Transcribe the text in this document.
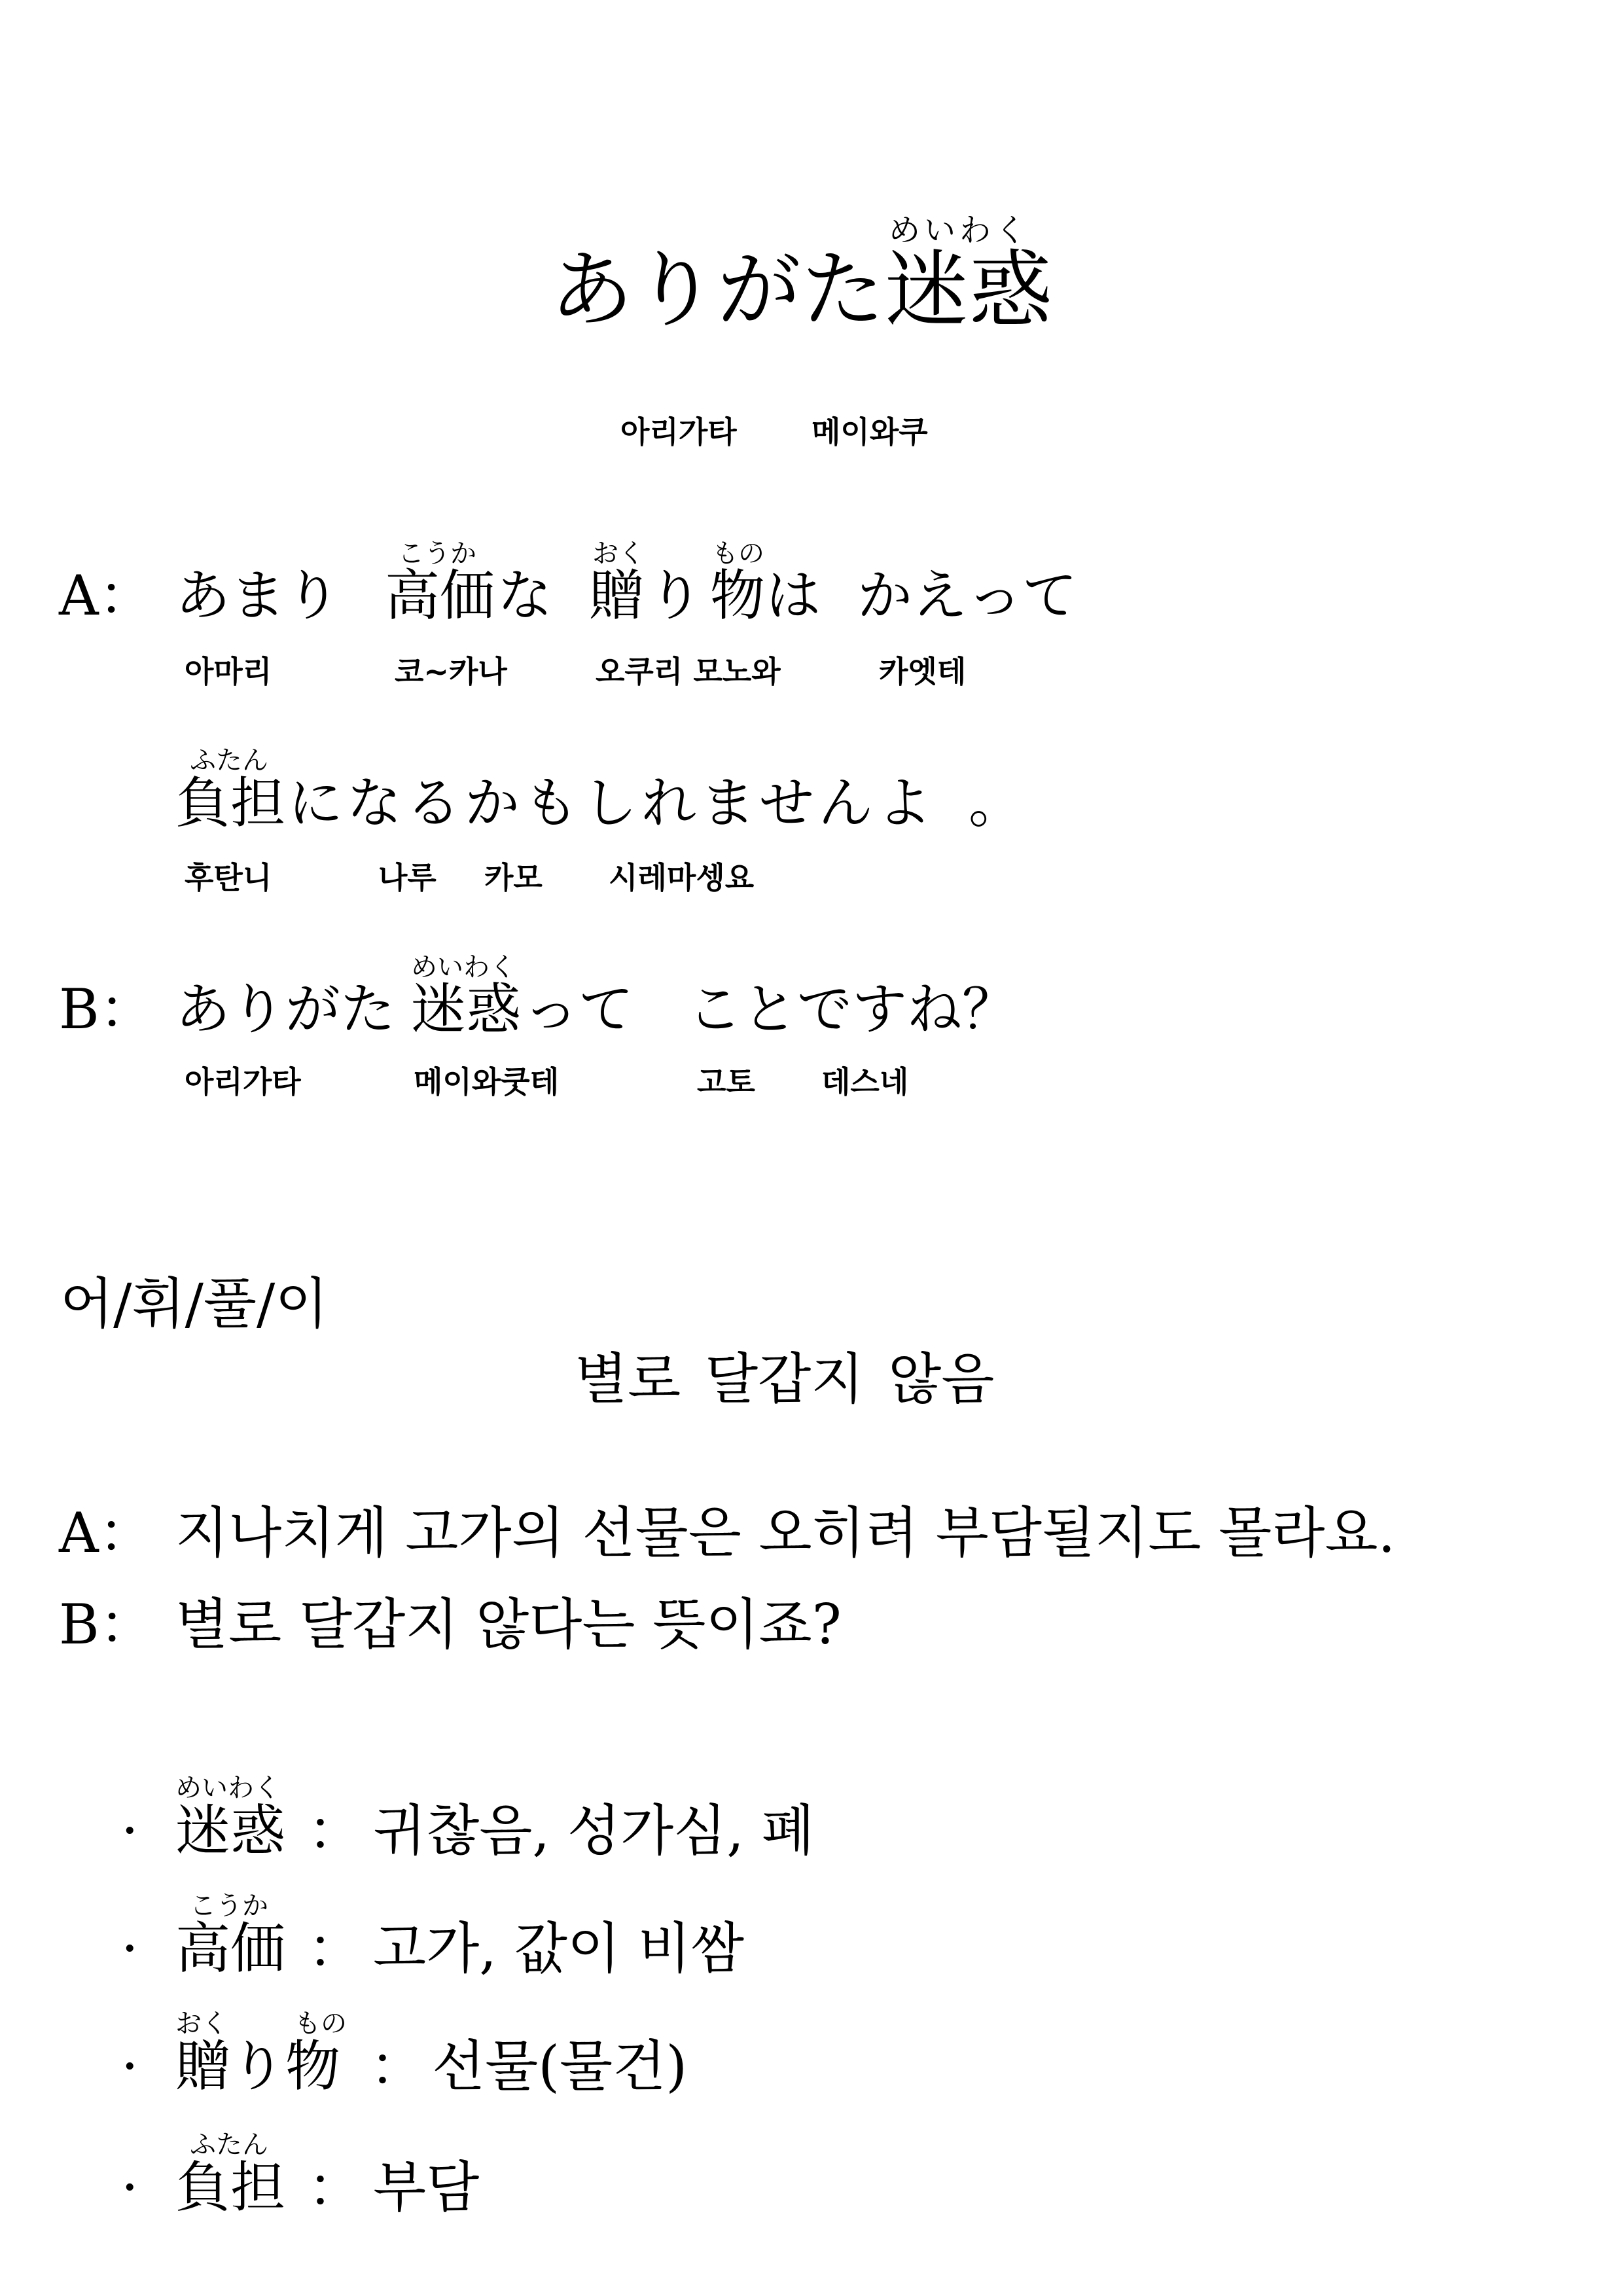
ありがた
めいわく
迷惑
아리가타 메이와쿠
A： あまり
こうか
高価 な
おく
贈 り
もの
物 は かえって
아마리	코~카나	오쿠리 모노와	카엣테
ふたん
負担 になるかもしれませんよ 。
후탄니	나루 카모 시레마셍요
B： ありがた
めいわく
迷惑 って ことですね？
아리가타	메이와쿳테	고토 데스네
어/휘/풀/이
별로 달갑지 않음
A： 지나치게 고가의 선물은 오히려 부담될지도 몰라요.
B： 별로 달갑지 않다는 뜻이죠?
·
めいわく
迷惑 ： 귀찮음, 성가심, 폐
·
こうか
高価 ： 고가, 값이 비쌈
·
おく	もの
贈り物 ： 선물(물건)
·
ふたん
負担 ： 부담
